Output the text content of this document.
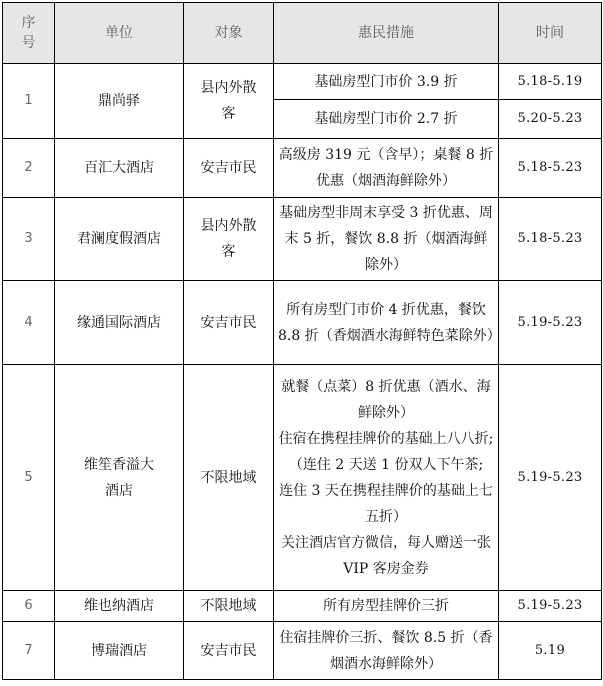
序号	单位	对象	惠民措施	时间
1	鼎尚驿	县内外散客	基础房型门市价 3.9 折	5.18-5.19
			基础房型门市价 2.7 折	5.20-5.23
2	百汇大酒店	安吉市民	高级房 319 元（含早）；桌餐 8 折优惠（烟酒海鲜除外）	5.18-5.23
3	君澜度假酒店	县内外散客	基础房型非周末享受 3 折优惠、周末 5 折，餐饮 8.8 折（烟酒海鲜除外）	5.18-5.23
4	缘通国际酒店	安吉市民	所有房型门市价 4 折优惠，餐饮 8.8 折（香烟酒水海鲜特色菜除外）	5.19-5.23
5	维笙香溢大酒店	不限地域	就餐（点菜）8 折优惠（酒水、海鲜除外）
住宿在携程挂牌价的基础上八八折;（连住 2 天送 1 份双人下午茶;
连住 3 天在携程挂牌价的基础上七五折）
关注酒店官方微信，每人赠送一张 VIP 客房金券	5.19-5.23
6	维也纳酒店	不限地域	所有房型挂牌价三折	5.19-5.23
7	博瑞酒店	安吉市民	住宿挂牌价三折、餐饮 8.5 折（香烟酒水海鲜除外）	5.19
